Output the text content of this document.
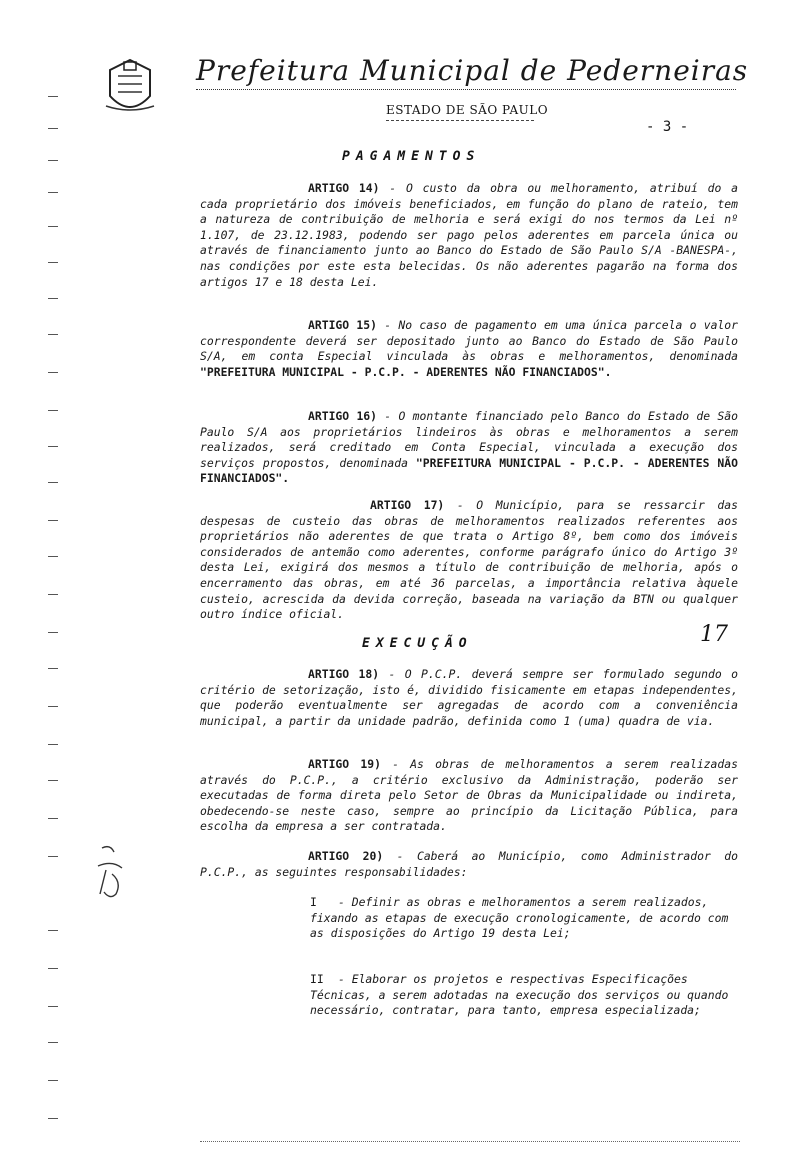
Prefeitura Municipal de Pederneiras
ESTADO DE SÃO PAULO
- 3 -
PAGAMENTOS
ARTIGO 14) - O custo da obra ou melhoramento, atribuí do a cada proprietário dos imóveis beneficiados, em função do plano de rateio, tem a natureza de contribuição de melhoria e será exigi do nos termos da Lei nº 1.107, de 23.12.1983, podendo ser pago pelos aderentes em parcela única ou através de financiamento junto ao Banco do Estado de São Paulo S/A -BANESPA-, nas condições por este esta belecidas. Os não aderentes pagarão na forma dos artigos 17 e 18 desta Lei.
ARTIGO 15) - No caso de pagamento em uma única parcela o valor correspondente deverá ser depositado junto ao Banco do Estado de São Paulo S/A, em conta Especial vinculada às obras e melhoramentos, denominada "PREFEITURA MUNICIPAL - P.C.P. - ADERENTES NÃO FINANCIADOS".
ARTIGO 16) - O montante financiado pelo Banco do Estado de São Paulo S/A aos proprietários lindeiros às obras e melhoramentos a serem realizados, será creditado em Conta Especial, vinculada a execução dos serviços propostos, denominada "PREFEITURA MUNICIPAL - P.C.P. - ADERENTES NÃO FINANCIADOS".
ARTIGO 17) - O Município, para se ressarcir das despesas de custeio das obras de melhoramentos realizados referentes aos proprietários não aderentes de que trata o Artigo 8º, bem como dos imóveis considerados de antemão como aderentes, conforme parágrafo único do Artigo 3º desta Lei, exigirá dos mesmos a título de contribuição de melhoria, após o encerramento das obras, em até 36 parcelas, a importância relativa àquele custeio, acrescida da devida correção, baseada na variação da BTN ou qualquer outro índice oficial.
EXECUÇÃO	17
ARTIGO 18) - O P.C.P. deverá sempre ser formulado segundo o critério de setorização, isto é, dividido fisicamente em etapas independentes, que poderão eventualmente ser agregadas de acordo com a conveniência municipal, a partir da unidade padrão, definida como 1 (uma) quadra de via.
ARTIGO 19) - As obras de melhoramentos a serem realizadas através do P.C.P., a critério exclusivo da Administração, poderão ser executadas de forma direta pelo Setor de Obras da Municipalidade ou indireta, obedecendo-se neste caso, sempre ao princípio da Licitação Pública, para escolha da empresa a ser contratada.
ARTIGO 20) - Caberá ao Município, como Administrador do P.C.P., as seguintes responsabilidades:
I - Definir as obras e melhoramentos a serem realizados, fixando as etapas de execução cronologicamente, de acordo com as disposições do Artigo 19 desta Lei;
II - Elaborar os projetos e respectivas Especificações Técnicas, a serem adotadas na execução dos serviços ou quando necessário, contratar, para tanto, empresa especializada;
